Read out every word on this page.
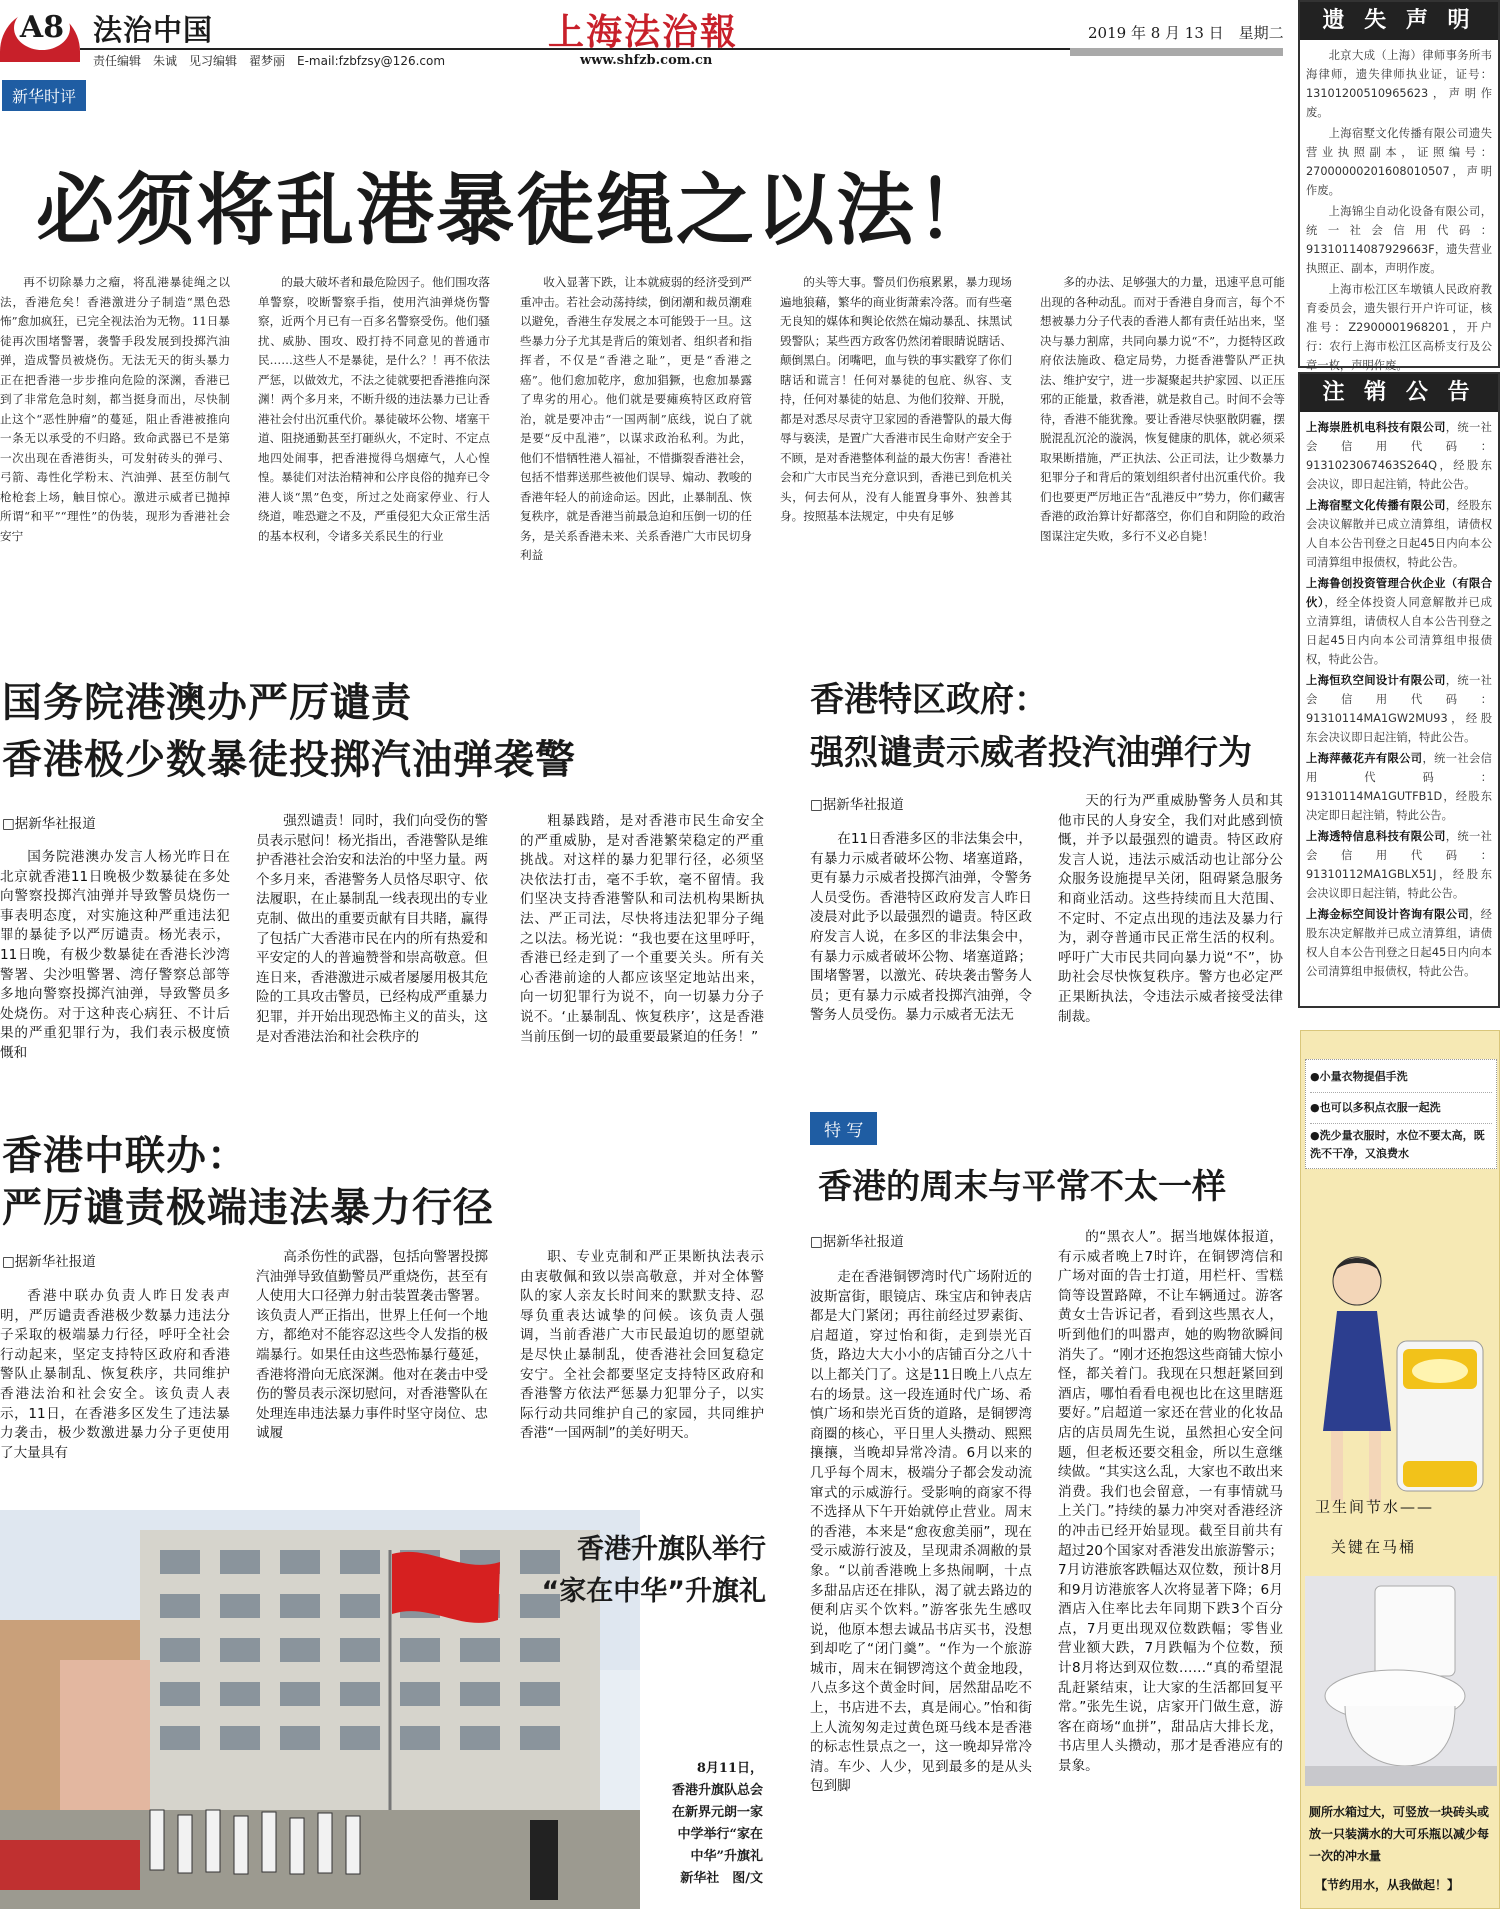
A8 法治中国
责任编辑　朱诚　见习编辑　翟梦丽　E-mail:fzbfzsy@126.com
上海法治報
www.shfzb.com.cn
2019 年 8 月 13 日　星期二
新华时评
必须将乱港暴徒绳之以法！

再不切除暴力之瘤，将乱港暴徒绳之以法，香港危矣！香港激进分子制造“黑色恐怖”愈加疯狂，已完全视法治为无物。11日暴徒再次围堵警署，袭警手段发展到投掷汽油弹，造成警员被烧伤。无法无天的街头暴力正在把香港一步步推向危险的深渊，香港已到了非常危急时刻，都当挺身而出，尽快制止这个“恶性肿瘤”的蔓延，阻止香港被推向一条无以承受的不归路。致命武器已不是第一次出现在香港街头，可发射砖头的弹弓、弓箭、毒性化学粉末、汽油弹、甚至仿制气枪枪套上场，触目惊心。激进示威者已抛掉所谓“和平”“理性”的伪装，现形为香港社会安宁

的最大破坏者和最危险因子。他们围攻落单警察，咬断警察手指，使用汽油弹烧伤警察，近两个月已有一百多名警察受伤。他们骚扰、威胁、围攻、殴打持不同意见的普通市民……这些人不是暴徒，是什么？！再不依法严惩，以做效尤，不法之徒就要把香港推向深渊！两个多月来，不断升级的违法暴力已让香港社会付出沉重代价。暴徒破坏公物、堵塞干道、阻挠通勤甚至打砸纵火，不定时、不定点地四处闹事，把香港搅得乌烟瘴气，人心惶惶。暴徒们对法治精神和公序良俗的抛弃已令港人谈“黑”色变，所过之处商家停业、行人绕道，唯恐避之不及，严重侵犯大众正常生活的基本权利，令诸多关系民生的行业

收入显著下跌，让本就疲弱的经济受到严重冲击。若社会动荡持续，倒闭潮和裁员潮难以避免，香港生存发展之本可能毁于一旦。这些暴力分子尤其是背后的策划者、组织者和指挥者，不仅是“香港之耻”，更是“香港之癌”。他们愈加乾序，愈加猖獗，也愈加暴露了卑劣的用心。他们就是要瘫痪特区政府管治，就是要冲击“一国两制”底线，说白了就是要“反中乱港”，以谋求政治私利。为此，他们不惜牺牲港人福祉，不惜撕裂香港社会，包括不惜葬送那些被他们误导、煽动、教唆的香港年轻人的前途命运。因此，止暴制乱、恢复秩序，就是香港当前最急迫和压倒一切的任务，是关系香港未来、关系香港广大市民切身利益

的头等大事。警员们伤痕累累，暴力现场遍地狼藉，繁华的商业街萧索冷落。而有些毫无良知的媒体和舆论依然在煽动暴乱、抹黑试毁警队；某些西方政客仍然闭着眼睛说瞎话、颠倒黑白。闭嘴吧，血与铁的事实戳穿了你们瞎话和谎言！任何对暴徒的包庇、纵容、支持，任何对暴徒的姑息、为他们狡辩、开脱，都是对悉尽尽责守卫家园的香港警队的最大侮辱与亵渎，是置广大香港市民生命财产安全于不顾，是对香港整体利益的最大伤害！香港社会和广大市民当充分意识到，香港已到危机关头，何去何从，没有人能置身事外、独善其身。按照基本法规定，中央有足够

多的办法、足够强大的力量，迅速平息可能出现的各种动乱。而对于香港自身而言，每个不想被暴力分子代表的香港人都有责任站出来，坚决与暴力割席，共同向暴力说“不”，力挺特区政府依法施政、稳定局势，力挺香港警队严正执法、维护安宁，进一步凝聚起共护家园、以正压邪的正能量，救香港，就是救自己。时间不会等待，香港不能犹豫。要让香港尽快驱散阴霾，摆脱混乱沉沦的漩涡，恢复健康的肌体，就必须采取果断措施，严正执法、公正司法，让少数暴力犯罪分子和背后的策划组织者付出沉重代价。我们也要更严厉地正告“乱港反中”势力，你们藏害香港的政治算计好都落空，你们自和阴险的政治图谋注定失败，多行不义必自毙！

国务院港澳办严厉谴责
香港极少数暴徒投掷汽油弹袭警
□据新华社报道

国务院港澳办发言人杨光昨日在北京就香港11日晚极少数暴徒在多处向警察投掷汽油弹并导致警员烧伤一事表明态度，对实施这种严重违法犯罪的暴徒予以严厉谴责。杨光表示，11日晚，有极少数暴徒在香港长沙湾警署、尖沙咀警署、湾仔警察总部等多地向警察投掷汽油弹，导致警员多处烧伤。对于这种丧心病狂、不计后果的严重犯罪行为，我们表示极度愤慨和

强烈谴责！同时，我们向受伤的警员表示慰问！杨光指出，香港警队是维护香港社会治安和法治的中坚力量。两个多月来，香港警务人员恪尽职守、依法履职，在止暴制乱一线表现出的专业克制、做出的重要贡献有目共睹，赢得了包括广大香港市民在内的所有热爱和平安定的人的普遍赞誉和崇高敬意。但连日来，香港激进示威者屡屡用极其危险的工具攻击警员，已经构成严重暴力犯罪，并开始出现恐怖主义的苗头，这是对香港法治和社会秩序的

粗暴践踏，是对香港市民生命安全的严重威胁，是对香港繁荣稳定的严重挑战。对这样的暴力犯罪行径，必须坚决依法打击，毫不手软，毫不留情。我们坚决支持香港警队和司法机构果断执法、严正司法，尽快将违法犯罪分子绳之以法。杨光说：“我也要在这里呼吁，香港已经走到了一个重要关头。所有关心香港前途的人都应该坚定地站出来，向一切犯罪行为说不，向一切暴力分子说不。‘止暴制乱、恢复秩序’，这是香港当前压倒一切的最重要最紧迫的任务！”

香港特区政府：
强烈谴责示威者投汽油弹行为
□据新华社报道

在11日香港多区的非法集会中，有暴力示威者破坏公物、堵塞道路，更有暴力示威者投掷汽油弹，令警务人员受伤。香港特区政府发言人昨日凌晨对此予以最强烈的谴责。特区政府发言人说，在多区的非法集会中，有暴力示威者破坏公物、堵塞道路；围堵警署，以激光、砖块袭击警务人员；更有暴力示威者投掷汽油弹，令警务人员受伤。暴力示威者无法无

天的行为严重威胁警务人员和其他市民的人身安全，我们对此感到愤慨，并予以最强烈的谴责。特区政府发言人说，违法示威活动也让部分公众服务设施提早关闭，阻碍紧急服务和商业活动。这些持续而且大范围、不定时、不定点出现的违法及暴力行为，剥夺普通市民正常生活的权利。呼吁广大市民共同向暴力说“不”，协助社会尽快恢复秩序。警方也必定严正果断执法，令违法示威者接受法律制裁。

香港中联办：
严厉谴责极端违法暴力行径
□据新华社报道

香港中联办负责人昨日发表声明，严厉谴责香港极少数暴力违法分子采取的极端暴力行径，呼吁全社会行动起来，坚定支持特区政府和香港警队止暴制乱、恢复秩序，共同维护香港法治和社会安全。该负责人表示，11日，在香港多区发生了违法暴力袭击，极少数激进暴力分子更使用了大量具有

高杀伤性的武器，包括向警署投掷汽油弹导致值勤警员严重烧伤，甚至有人使用大口径弹力射击装置袭击警署。该负责人严正指出，世界上任何一个地方，都绝对不能容忍这些令人发指的极端暴行。如果任由这些恐怖暴行蔓延，香港将滑向无底深渊。他对在袭击中受伤的警员表示深切慰问，对香港警队在处理连串违法暴力事件时坚守岗位、忠诚履

职、专业克制和严正果断执法表示由衷敬佩和致以崇高敬意，并对全体警队的家人亲友长时间来的默默支持、忍辱负重表达诚挚的问候。该负责人强调，当前香港广大市民最迫切的愿望就是尽快止暴制乱，使香港社会回复稳定安宁。全社会都要坚定支持特区政府和香港警方依法严惩暴力犯罪分子，以实际行动共同维护自己的家园，共同维护香港“一国两制”的美好明天。

特 写
香港的周末与平常不太一样
□据新华社报道

走在香港铜锣湾时代广场附近的波斯富街，眼镜店、珠宝店和钟表店都是大门紧闭；再往前经过罗素街、启超道，穿过怡和街，走到崇光百货，路边大大小小的店铺百分之八十以上都关门了。这是11日晚上八点左右的场景。这一段连通时代广场、希慎广场和崇光百货的道路，是铜锣湾商圈的核心，平日里人头攒动、熙熙攘攘，当晚却异常冷清。6月以来的几乎每个周末，极端分子都会发动流窜式的示威游行。受影响的商家不得不选择从下午开始就停止营业。周末的香港，本来是“愈夜愈美丽”，现在受示威游行波及，呈现肃杀凋敝的景象。“以前香港晚上多热闹啊，十点多甜品店还在排队，渴了就去路边的便利店买个饮料。”游客张先生感叹说，他原本想去诚品书店买书，没想到却吃了“闭门羹”。“作为一个旅游城市，周末在铜锣湾这个黄金地段，八点多这个黄金时间，居然甜品吃不上，书店进不去，真是闹心。”怡和街上人流匆匆走过黄色斑马线本是香港的标志性景点之一，这一晚却异常冷清。车少、人少，见到最多的是从头包到脚

的“黑衣人”。据当地媒体报道，有示威者晚上7时许，在铜锣湾信和广场对面的告士打道，用栏杆、雪糕筒等设置路障，不让车辆通过。游客黄女士告诉记者，看到这些黑衣人，听到他们的叫嚣声，她的购物欲瞬间消失了。“刚才还抱怨这些商铺大惊小怪，都关着门。我现在只想赶紧回到酒店，哪怕看看电视也比在这里瞎逛要好。”启超道一家还在营业的化妆品店的店员周先生说，虽然担心安全问题，但老板还要交租金，所以生意继续做。“其实这么乱，大家也不敢出来消费。我们也会留意，一有事情就马上关门。”持续的暴力冲突对香港经济的冲击已经开始显现。截至目前共有超过20个国家对香港发出旅游警示；7月访港旅客跌幅达双位数，预计8月和9月访港旅客人次将显著下降；6月酒店入住率比去年同期下跌3个百分点，7月更出现双位数跌幅；零售业营业额大跌，7月跌幅为个位数，预计8月将达到双位数……“真的希望混乱赶紧结束，让大家的生活都回复平常。”张先生说，店家开门做生意，游客在商场“血拼”，甜品店大排长龙，书店里人头攒动，那才是香港应有的景象。

香港升旗队举行
“家在中华”升旗礼
8月11日，
香港升旗队总会
在新界元朗一家
中学举行“家在
中华”升旗礼
新华社　图/文
遗 失 声 明

北京大成（上海）律师事务所韦海律师，遗失律师执业证，证号：13101200510965623，声明作废。

上海宿墅文化传播有限公司遗失营业执照副本，证照编号：27000000201608010507，声明作废。

上海锦尘自动化设备有限公司，统一社会信用代码：91310114087929663F，遗失营业执照正、副本，声明作废。

上海市松江区车墩镇人民政府教育委员会，遗失银行开户许可证，核准号：Z2900001968201，开户行：农行上海市松江区高桥支行及公章一枚，声明作废。

注 销 公 告

上海崇胜机电科技有限公司，统一社会信用代码：9131023067463S264Q，经股东会决议，即日起注销，特此公告。

上海宿墅文化传播有限公司，经股东会决议解散并已成立清算组，请债权人自本公告刊登之日起45日内向本公司清算组申报债权，特此公告。

上海鲁创投资管理合伙企业（有限合伙），经全体投资人同意解散并已成立清算组，请债权人自本公告刊登之日起45日内向本公司清算组申报债权，特此公告。

上海恒玖空间设计有限公司，统一社会信用代码：91310114MA1GW2MU93，经股东会决议即日起注销，特此公告。

上海萍薇花卉有限公司，统一社会信用代码：91310114MA1GUTFB1D，经股东决定即日起注销，特此公告。

上海透特信息科技有限公司，统一社会信用代码：91310112MA1GBLX51J，经股东会决议即日起注销，特此公告。

上海金标空间设计咨询有限公司，经股东决定解散并已成立清算组，请债权人自本公告刊登之日起45日内向本公司清算组申报债权，特此公告。

●小量衣物提倡手洗
●也可以多积点衣服一起洗
●洗少量衣服时，水位不要太高，既洗不干净，又浪费水
卫生间节水——
关键在马桶
厕所水箱过大，可竖放一块砖头或放一只装满水的大可乐瓶以减少每一次的冲水量
【节约用水，从我做起！】
